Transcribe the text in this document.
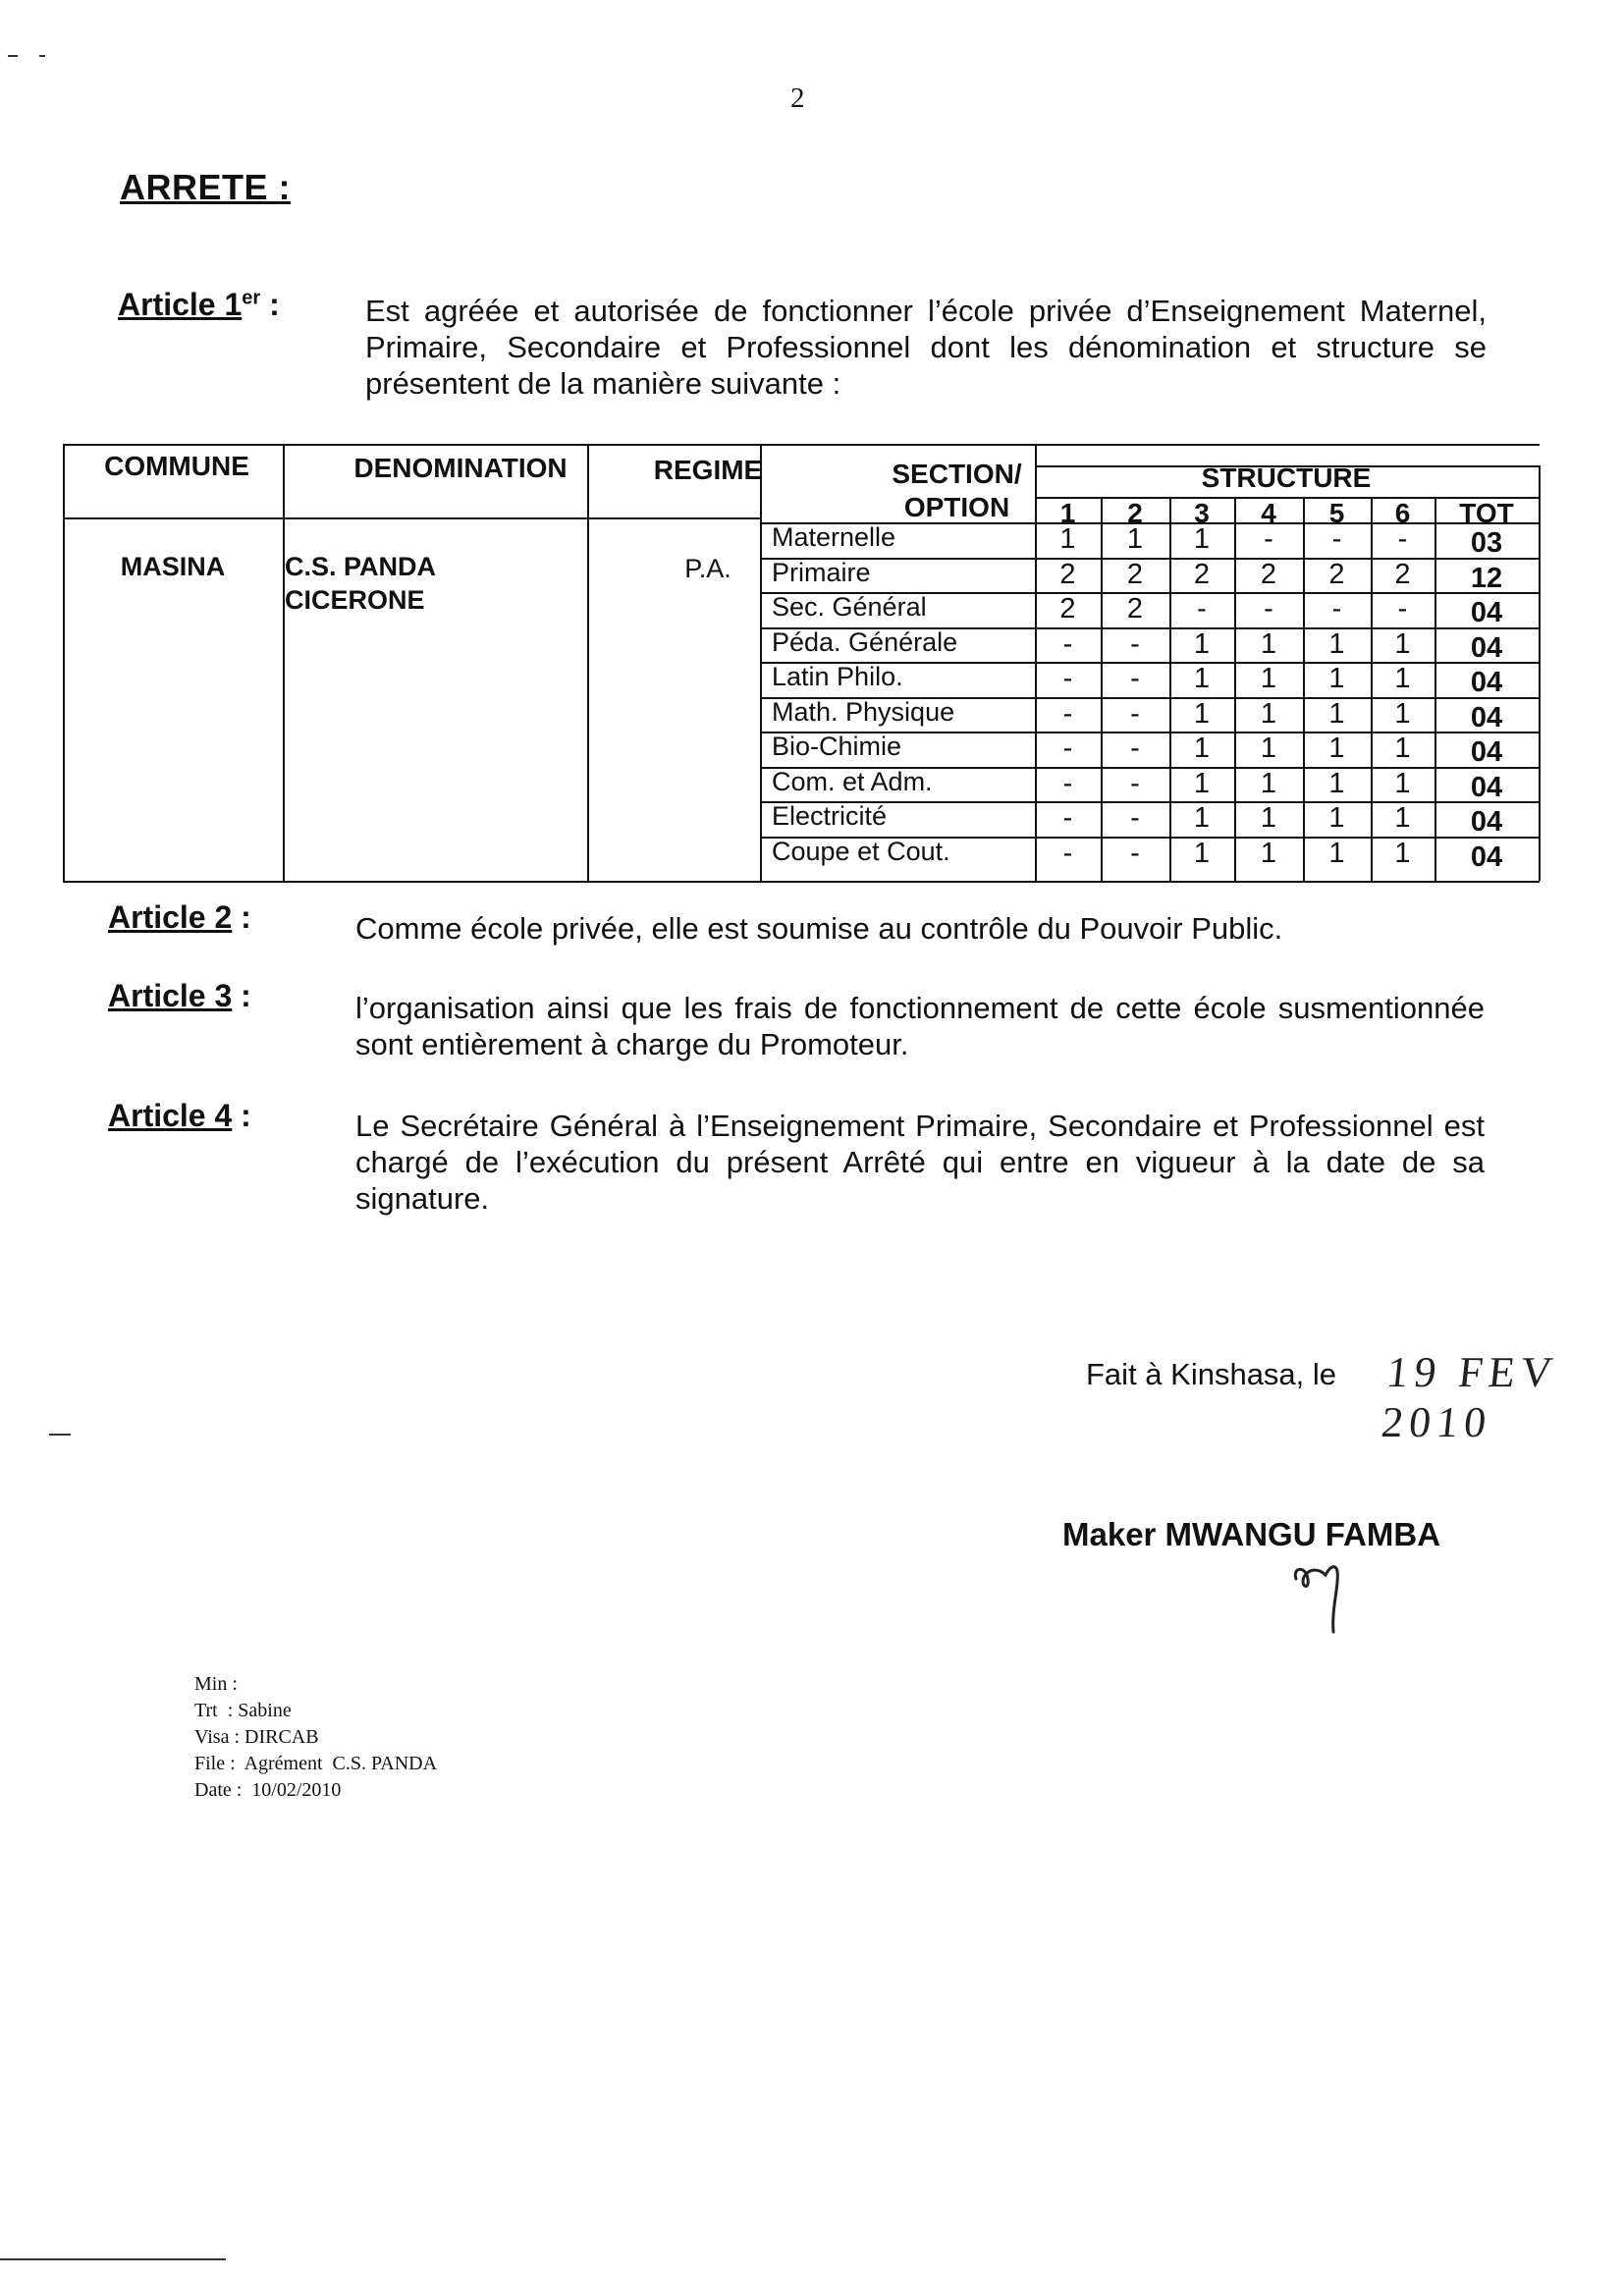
2
ARRETE :
Article 1er :	Est agréée et autorisée de fonctionner l’école privée d’Enseignement Maternel, Primaire, Secondaire et Professionnel dont les dénomination et structure se présentent de la manière suivante :
COMMUNE	DENOMINATION	REGIME	SECTION/
OPTION
STRUCTURE
1	2	3	4	5	6	TOT
MASINA	C.S. PANDA
CICERONE
P.A.
Maternelle	1	1	1	-	-	-	03
Primaire	2	2	2	2	2	2	12
Sec. Général	2	2	-	-	-	-	04
Péda. Générale	-	-	1	1	1	1	04
Latin Philo.	-	-	1	1	1	1	04
Math. Physique	-	-	1	1	1	1	04
Bio-Chimie	-	-	1	1	1	1	04
Com. et Adm.	-	-	1	1	1	1	04
Electricité	-	-	1	1	1	1	04
Coupe et Cout.	-	-	1	1	1	1	04
Article 2 :	Comme école privée, elle est soumise au contrôle du Pouvoir Public.
Article 3 :	l’organisation ainsi que les frais de fonctionnement de cette école susmentionnée sont entièrement à charge du Promoteur.
Article 4 :	Le Secrétaire Général à l’Enseignement Primaire, Secondaire et Professionnel est chargé de l’exécution du présent Arrêté qui entre en vigueur à la date de sa signature.
Fait à Kinshasa, le 19 FEV 2010
Maker MWANGU FAMBA
Min :
Trt  : Sabine
Visa : DIRCAB
File :  Agrément  C.S. PANDA
Date :  10/02/2010
